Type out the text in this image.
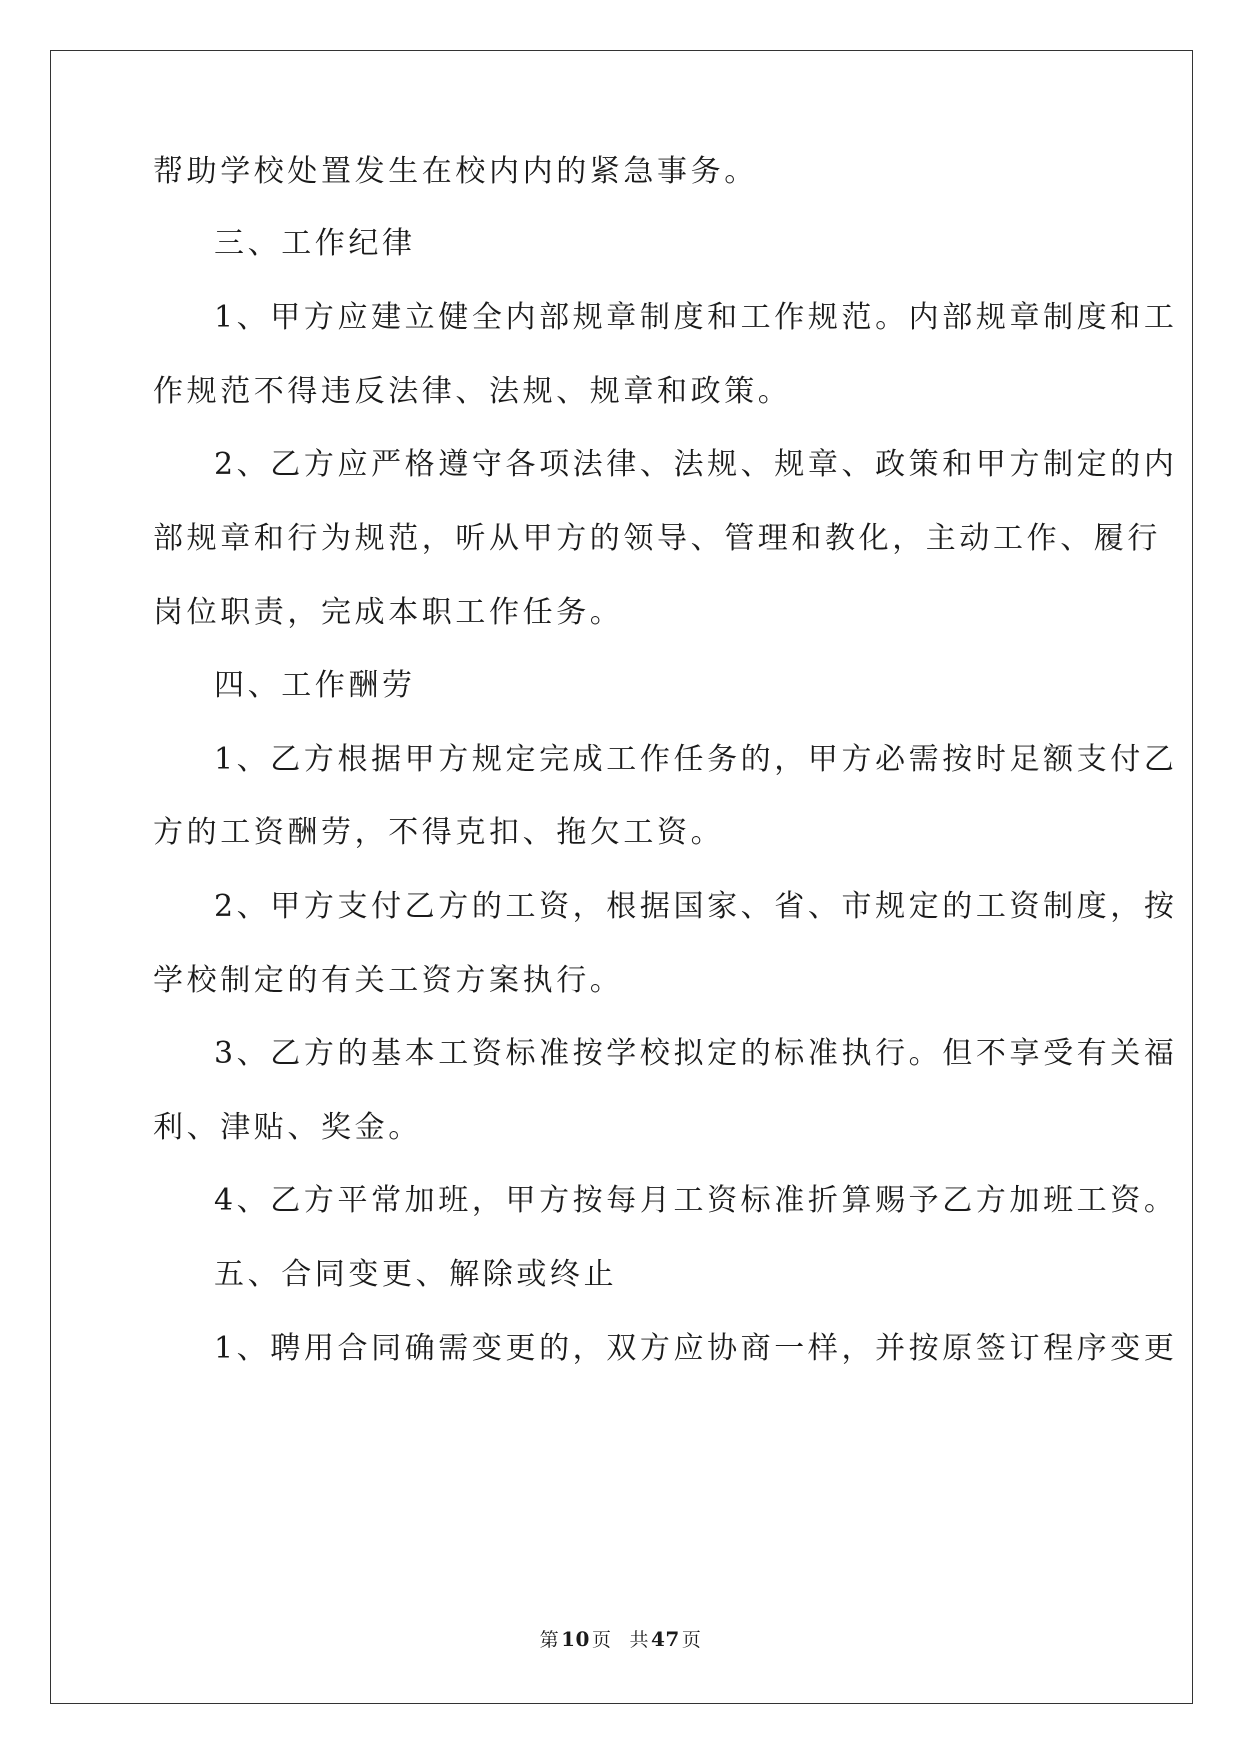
帮助学校处置发生在校内内的紧急事务。
三、工作纪律
1、甲方应建立健全内部规章制度和工作规范。内部规章制度和工
作规范不得违反法律、法规、规章和政策。
2、乙方应严格遵守各项法律、法规、规章、政策和甲方制定的内
部规章和行为规范，听从甲方的领导、管理和教化，主动工作、履行
岗位职责，完成本职工作任务。
四、工作酬劳
1、乙方根据甲方规定完成工作任务的，甲方必需按时足额支付乙
方的工资酬劳，不得克扣、拖欠工资。
2、甲方支付乙方的工资，根据国家、省、市规定的工资制度，按
学校制定的有关工资方案执行。
3、乙方的基本工资标准按学校拟定的标准执行。但不享受有关福
利、津贴、奖金。
4、乙方平常加班，甲方按每月工资标准折算赐予乙方加班工资。
五、合同变更、解除或终止
1、聘用合同确需变更的，双方应协商一样，并按原签订程序变更
第 10 页 共 47 页
